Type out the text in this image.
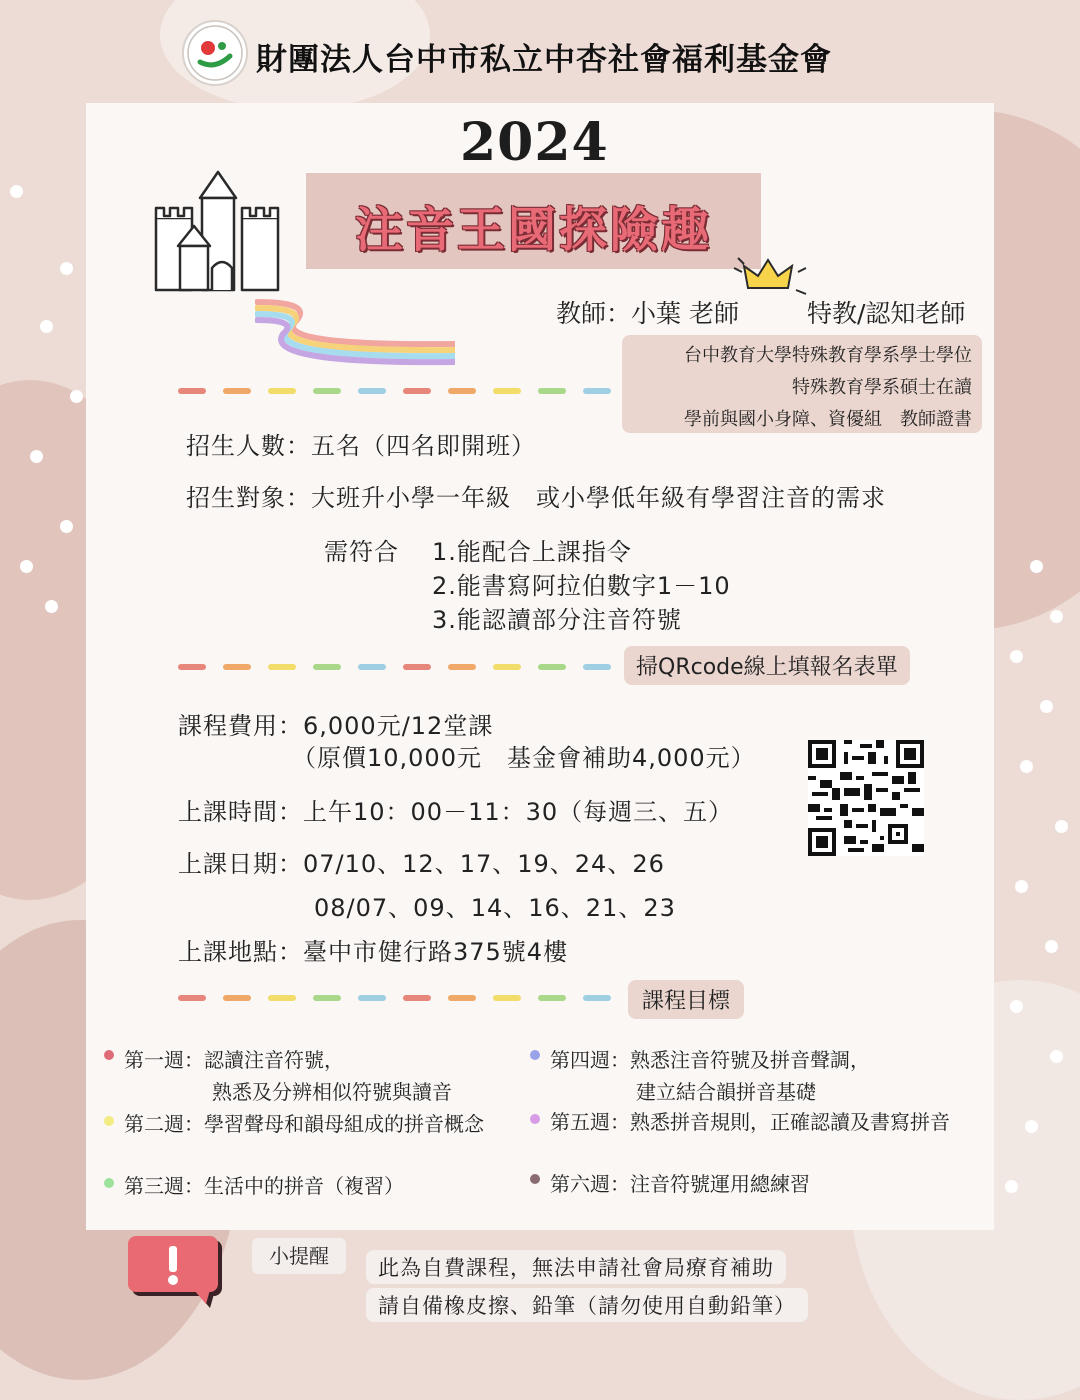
財團法人台中市私立中杏社會福利基金會
2024
注音王國探險趣
教師：小葉 老師	特教/認知老師
台中教育大學特殊教育學系學士學位
特殊教育學系碩士在讀
學前與國小身障、資優組　教師證書
招生人數：五名（四名即開班）
招生對象：大班升小學一年級　或小學低年級有學習注音的需求
需符合 1.能配合上課指令
2.能書寫阿拉伯數字1－10
3.能認讀部分注音符號
掃QRcode線上填報名表單
課程費用：6,000元/12堂課
（原價10,000元　基金會補助4,000元）
上課時間：上午10：00－11：30（每週三、五）
上課日期：07/10、12、17、19、24、26
08/07、09、14、16、21、23
上課地點：臺中市健行路375號4樓
課程目標
第一週：認讀注音符號，
熟悉及分辨相似符號與讀音
第二週：學習聲母和韻母組成的拼音概念
第三週：生活中的拼音（複習）
第四週：熟悉注音符號及拼音聲調，
建立結合韻拼音基礎
第五週：熟悉拼音規則，正確認讀及書寫拼音
第六週：注音符號運用總練習
小提醒	此為自費課程，無法申請社會局療育補助
請自備橡皮擦、鉛筆（請勿使用自動鉛筆）
